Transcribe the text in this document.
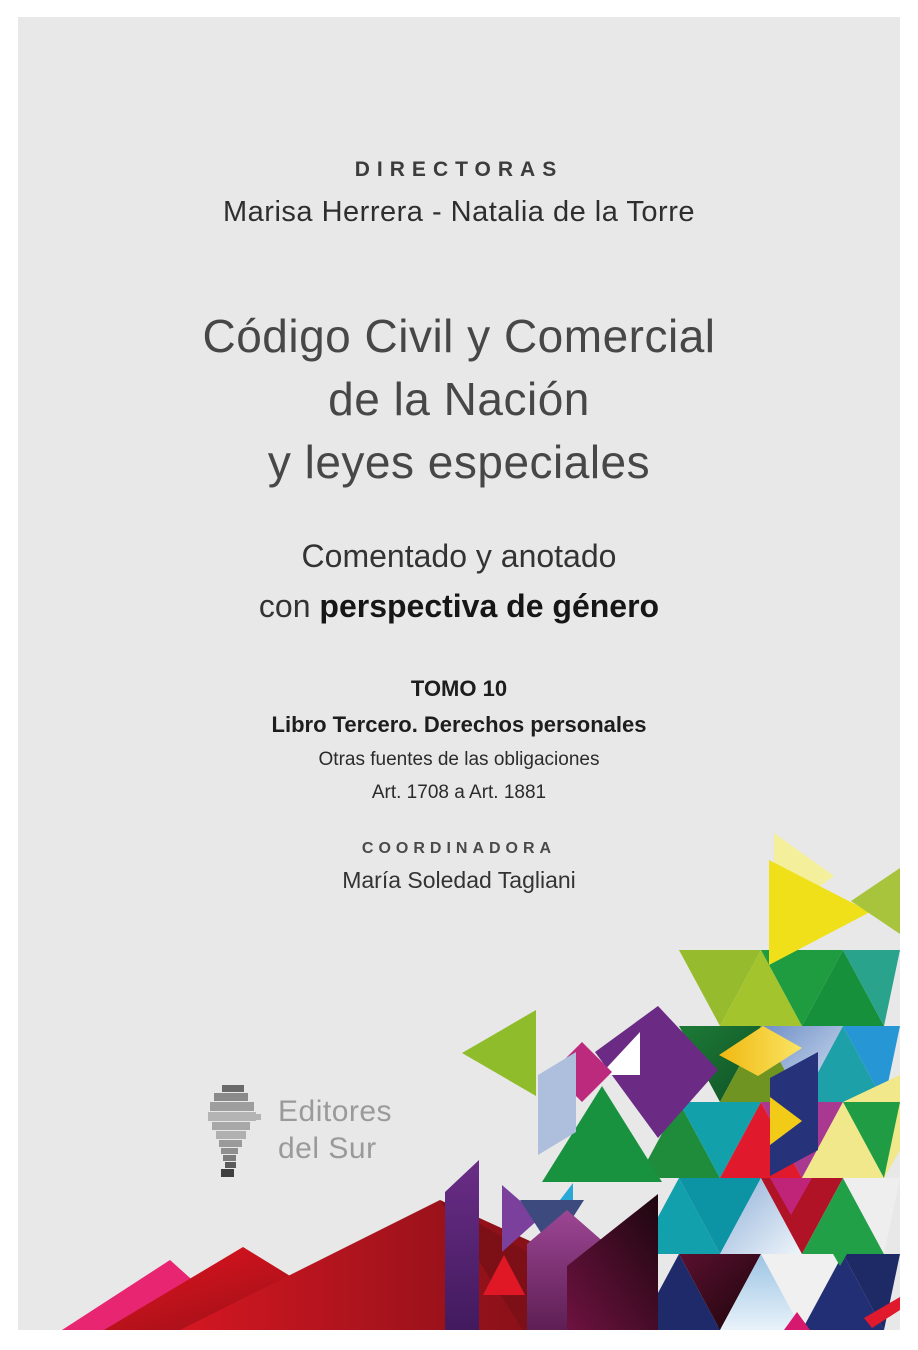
DIRECTORAS
Marisa Herrera - Natalia de la Torre
Código Civil y Comercial
de la Nación
y leyes especiales
Comentado y anotado
con perspectiva de género
TOMO 10
Libro Tercero. Derechos personales
Otras fuentes de las obligaciones
Art. 1708 a Art. 1881
COORDINADORA
María Soledad Tagliani
Editores
del Sur
